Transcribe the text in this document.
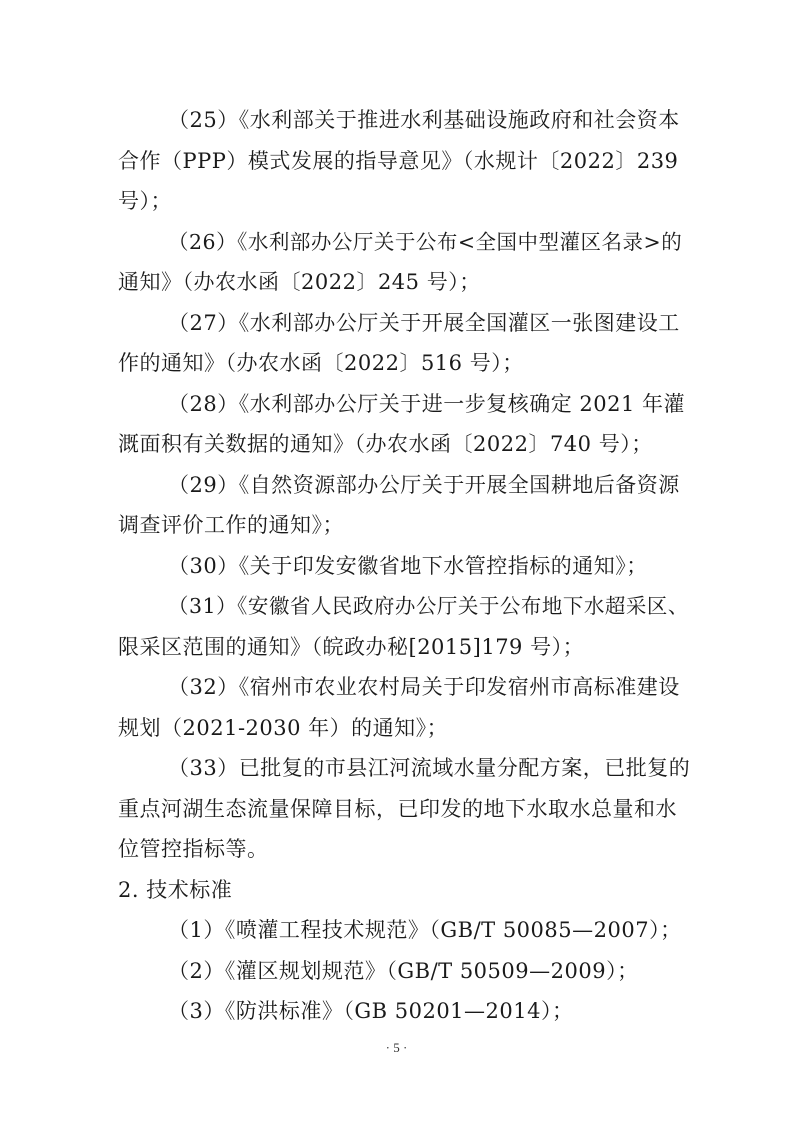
（25）《水利部关于推进水利基础设施政府和社会资本
合作（PPP）模式发展的指导意见》（水规计〔2022〕239
号）；
（26）《水利部办公厅关于公布<全国中型灌区名录>的
通知》（办农水函〔2022〕245 号）；
（27）《水利部办公厅关于开展全国灌区一张图建设工
作的通知》（办农水函〔2022〕516 号）；
（28）《水利部办公厅关于进一步复核确定 2021 年灌
溉面积有关数据的通知》（办农水函〔2022〕740 号）；
（29）《自然资源部办公厅关于开展全国耕地后备资源
调查评价工作的通知》；
（30）《关于印发安徽省地下水管控指标的通知》；
（31）《安徽省人民政府办公厅关于公布地下水超采区、
限采区范围的通知》（皖政办秘[2015]179 号）；
（32）《宿州市农业农村局关于印发宿州市高标准建设
规划（2021-2030 年）的通知》；
（33）已批复的市县江河流域水量分配方案，已批复的
重点河湖生态流量保障目标，已印发的地下水取水总量和水
位管控指标等。
2. 技术标准
（1）《喷灌工程技术规范》（GB/T 50085—2007）；
（2）《灌区规划规范》（GB/T 50509—2009）；
（3）《防洪标准》（GB 50201—2014）；
· 5 ·
